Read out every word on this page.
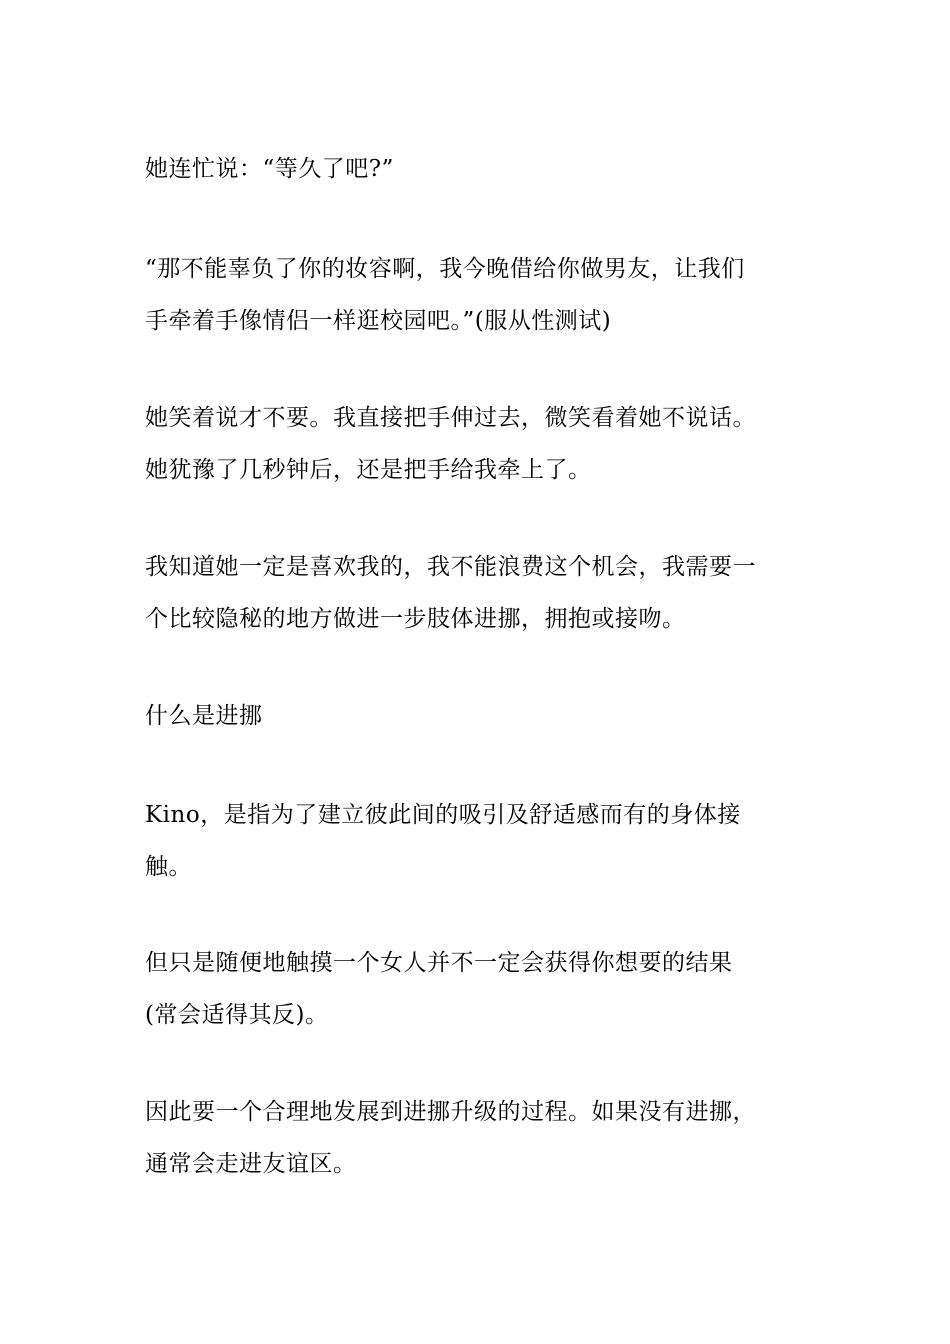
她连忙说：“等久了吧?”

“那不能辜负了你的妆容啊，我今晚借给你做男友，让我们
手牵着手像情侣一样逛校园吧。”(服从性测试)

她笑着说才不要。我直接把手伸过去，微笑看着她不说话。
她犹豫了几秒钟后，还是把手给我牵上了。

我知道她一定是喜欢我的，我不能浪费这个机会，我需要一
个比较隐秘的地方做进一步肢体进挪，拥抱或接吻。

什么是进挪

Kino，是指为了建立彼此间的吸引及舒适感而有的身体接
触。

但只是随便地触摸一个女人并不一定会获得你想要的结果
(常会适得其反)。

因此要一个合理地发展到进挪升级的过程。如果没有进挪，
通常会走进友谊区。
